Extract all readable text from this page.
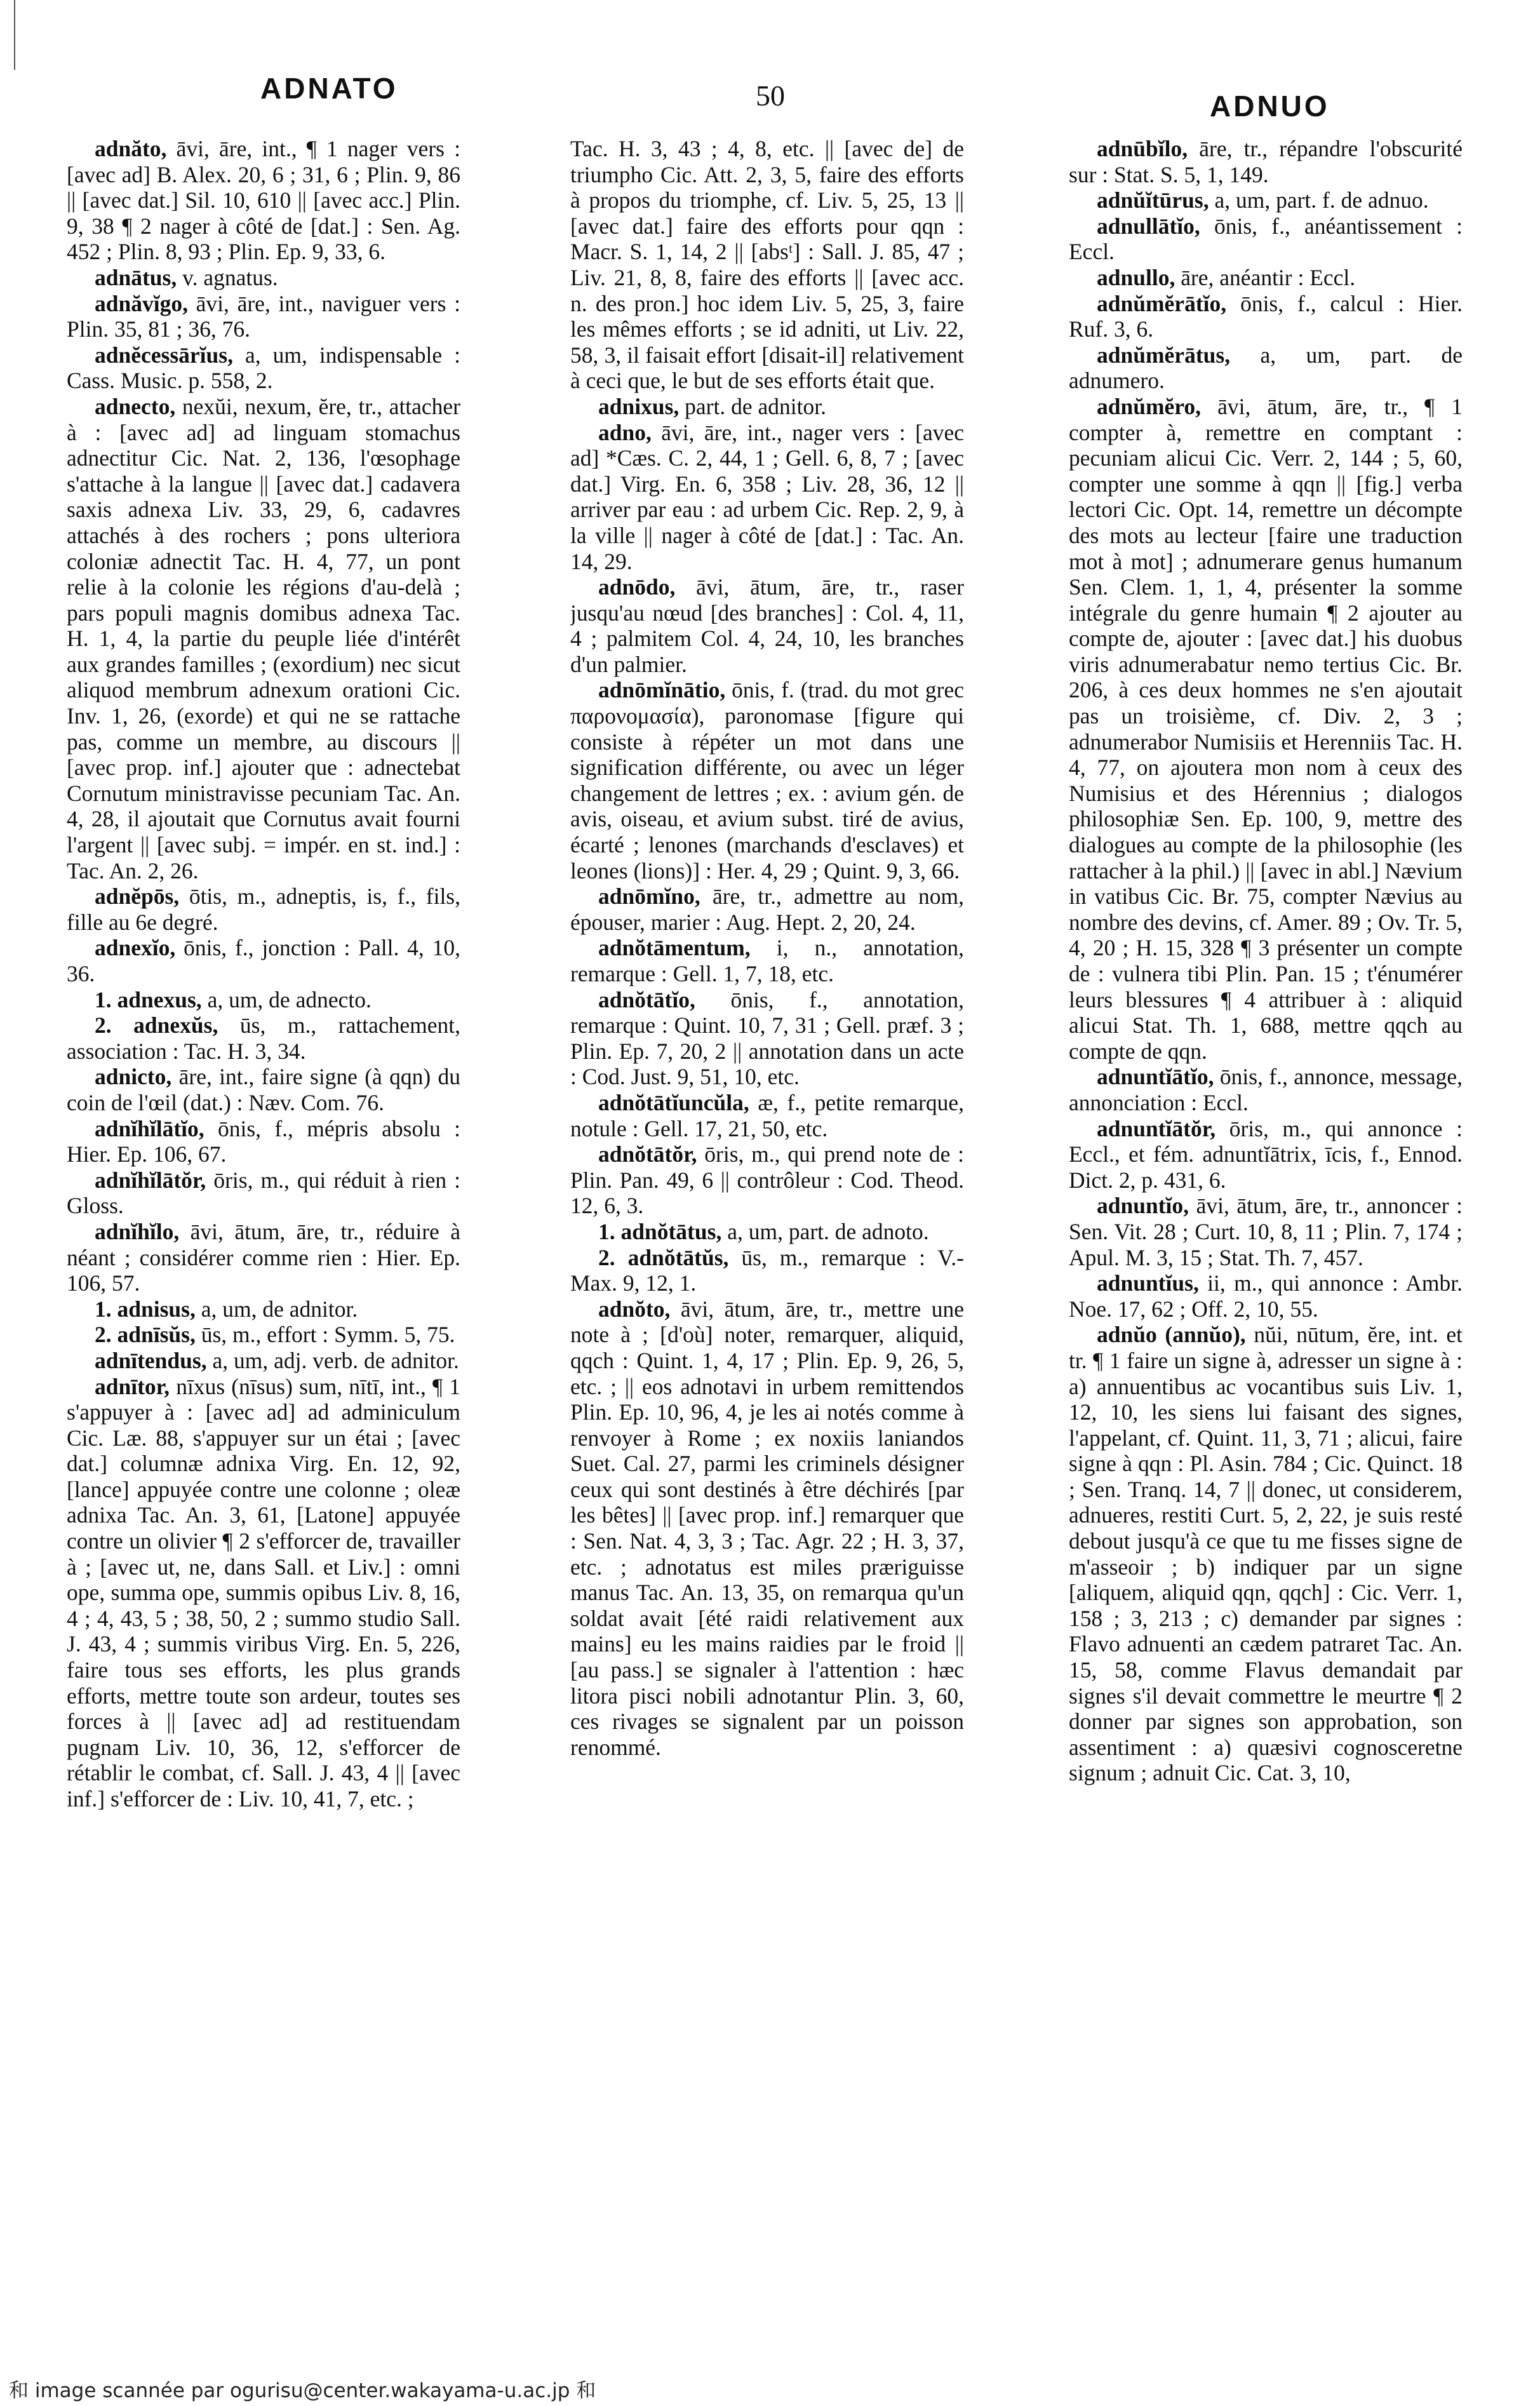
ADNATO	50	ADNUO

adnăto, āvi, āre, int., ¶ 1 nager vers : [avec ad] B. Alex. 20, 6 ; 31, 6 ; Plin. 9, 86 || [avec dat.] Sil. 10, 610 || [avec acc.] Plin. 9, 38 ¶ 2 nager à côté de [dat.] : Sen. Ag. 452 ; Plin. 8, 93 ; Plin. Ep. 9, 33, 6.

adnātus, v. agnatus.

adnăvĭgo, āvi, āre, int., naviguer vers : Plin. 35, 81 ; 36, 76.

adnĕcessārĭus, a, um, indispensable : Cass. Music. p. 558, 2.

adnecto, nexŭi, nexum, ĕre, tr., attacher à : [avec ad] ad linguam stomachus adnectitur Cic. Nat. 2, 136, l'œsophage s'attache à la langue || [avec dat.] cadavera saxis adnexa Liv. 33, 29, 6, cadavres attachés à des rochers ; pons ulteriora coloniæ adnectit Tac. H. 4, 77, un pont relie à la colonie les régions d'au-delà ; pars populi magnis domibus adnexa Tac. H. 1, 4, la partie du peuple liée d'intérêt aux grandes familles ; (exordium) nec sicut aliquod membrum adnexum orationi Cic. Inv. 1, 26, (exorde) et qui ne se rattache pas, comme un membre, au discours || [avec prop. inf.] ajouter que : adnectebat Cornutum ministravisse pecuniam Tac. An. 4, 28, il ajoutait que Cornutus avait fourni l'argent || [avec subj. = impér. en st. ind.] : Tac. An. 2, 26.

adnĕpōs, ōtis, m., adneptis, is, f., fils, fille au 6e degré.

adnexĭo, ōnis, f., jonction : Pall. 4, 10, 36.

1. adnexus, a, um, de adnecto.

2. adnexŭs, ūs, m., rattachement, association : Tac. H. 3, 34.

adnicto, āre, int., faire signe (à qqn) du coin de l'œil (dat.) : Næv. Com. 76.

adnĭhĭlātĭo, ōnis, f., mépris absolu : Hier. Ep. 106, 67.

adnĭhĭlātŏr, ōris, m., qui réduit à rien : Gloss.

adnĭhĭlo, āvi, ātum, āre, tr., réduire à néant ; considérer comme rien : Hier. Ep. 106, 57.

1. adnisus, a, um, de adnitor.

2. adnīsŭs, ūs, m., effort : Symm. 5, 75.

adnītendus, a, um, adj. verb. de adnitor.

adnītor, nīxus (nīsus) sum, nītī, int., ¶ 1 s'appuyer à : [avec ad] ad adminiculum Cic. Læ. 88, s'appuyer sur un étai ; [avec dat.] columnæ adnixa Virg. En. 12, 92, [lance] appuyée contre une colonne ; oleæ adnixa Tac. An. 3, 61, [Latone] appuyée contre un olivier ¶ 2 s'efforcer de, travailler à ; [avec ut, ne, dans Sall. et Liv.] : omni ope, summa ope, summis opibus Liv. 8, 16, 4 ; 4, 43, 5 ; 38, 50, 2 ; summo studio Sall. J. 43, 4 ; summis viribus Virg. En. 5, 226, faire tous ses efforts, les plus grands efforts, mettre toute son ardeur, toutes ses forces à || [avec ad] ad restituendam pugnam Liv. 10, 36, 12, s'efforcer de rétablir le combat, cf. Sall. J. 43, 4 || [avec inf.] s'efforcer de : Liv. 10, 41, 7, etc. ;

Tac. H. 3, 43 ; 4, 8, etc. || [avec de] de triumpho Cic. Att. 2, 3, 5, faire des efforts à propos du triomphe, cf. Liv. 5, 25, 13 || [avec dat.] faire des efforts pour qqn : Macr. S. 1, 14, 2 || [absᵗ] : Sall. J. 85, 47 ; Liv. 21, 8, 8, faire des efforts || [avec acc. n. des pron.] hoc idem Liv. 5, 25, 3, faire les mêmes efforts ; se id adniti, ut Liv. 22, 58, 3, il faisait effort [disait-il] relativement à ceci que, le but de ses efforts était que.

adnixus, part. de adnitor.

adno, āvi, āre, int., nager vers : [avec ad] *Cæs. C. 2, 44, 1 ; Gell. 6, 8, 7 ; [avec dat.] Virg. En. 6, 358 ; Liv. 28, 36, 12 || arriver par eau : ad urbem Cic. Rep. 2, 9, à la ville || nager à côté de [dat.] : Tac. An. 14, 29.

adnōdo, āvi, ātum, āre, tr., raser jusqu'au nœud [des branches] : Col. 4, 11, 4 ; palmitem Col. 4, 24, 10, les branches d'un palmier.

adnōmĭnātio, ōnis, f. (trad. du mot grec παρονομασία), paronomase [figure qui consiste à répéter un mot dans une signification différente, ou avec un léger changement de lettres ; ex. : avium gén. de avis, oiseau, et avium subst. tiré de avius, écarté ; lenones (marchands d'esclaves) et leones (lions)] : Her. 4, 29 ; Quint. 9, 3, 66.

adnōmĭno, āre, tr., admettre au nom, épouser, marier : Aug. Hept. 2, 20, 24.

adnŏtāmentum, i, n., annotation, remarque : Gell. 1, 7, 18, etc.

adnŏtātĭo, ōnis, f., annotation, remarque : Quint. 10, 7, 31 ; Gell. præf. 3 ; Plin. Ep. 7, 20, 2 || annotation dans un acte : Cod. Just. 9, 51, 10, etc.

adnŏtātĭuncŭla, æ, f., petite remarque, notule : Gell. 17, 21, 50, etc.

adnŏtātŏr, ōris, m., qui prend note de : Plin. Pan. 49, 6 || contrôleur : Cod. Theod. 12, 6, 3.

1. adnŏtātus, a, um, part. de adnoto.

2. adnŏtātŭs, ūs, m., remarque : V.-Max. 9, 12, 1.

adnŏto, āvi, ātum, āre, tr., mettre une note à ; [d'où] noter, remarquer, aliquid, qqch : Quint. 1, 4, 17 ; Plin. Ep. 9, 26, 5, etc. ; || eos adnotavi in urbem remittendos Plin. Ep. 10, 96, 4, je les ai notés comme à renvoyer à Rome ; ex noxiis laniandos Suet. Cal. 27, parmi les criminels désigner ceux qui sont destinés à être déchirés [par les bêtes] || [avec prop. inf.] remarquer que : Sen. Nat. 4, 3, 3 ; Tac. Agr. 22 ; H. 3, 37, etc. ; adnotatus est miles præriguisse manus Tac. An. 13, 35, on remarqua qu'un soldat avait [été raidi relativement aux mains] eu les mains raidies par le froid || [au pass.] se signaler à l'attention : hæc litora pisci nobili adnotantur Plin. 3, 60, ces rivages se signalent par un poisson renommé.

adnūbĭlo, āre, tr., répandre l'obscurité sur : Stat. S. 5, 1, 149.

adnŭĭtūrus, a, um, part. f. de adnuo.

adnullātĭo, ōnis, f., anéantissement : Eccl.

adnullo, āre, anéantir : Eccl.

adnŭmĕrātĭo, ōnis, f., calcul : Hier. Ruf. 3, 6.

adnŭmĕrātus, a, um, part. de adnumero.

adnŭmĕro, āvi, ātum, āre, tr., ¶ 1 compter à, remettre en comptant : pecuniam alicui Cic. Verr. 2, 144 ; 5, 60, compter une somme à qqn || [fig.] verba lectori Cic. Opt. 14, remettre un décompte des mots au lecteur [faire une traduction mot à mot] ; adnumerare genus humanum Sen. Clem. 1, 1, 4, présenter la somme intégrale du genre humain ¶ 2 ajouter au compte de, ajouter : [avec dat.] his duobus viris adnumerabatur nemo tertius Cic. Br. 206, à ces deux hommes ne s'en ajoutait pas un troisième, cf. Div. 2, 3 ; adnumerabor Numisiis et Herenniis Tac. H. 4, 77, on ajoutera mon nom à ceux des Numisius et des Hérennius ; dialogos philosophiæ Sen. Ep. 100, 9, mettre des dialogues au compte de la philosophie (les rattacher à la phil.) || [avec in abl.] Nævium in vatibus Cic. Br. 75, compter Nævius au nombre des devins, cf. Amer. 89 ; Ov. Tr. 5, 4, 20 ; H. 15, 328 ¶ 3 présenter un compte de : vulnera tibi Plin. Pan. 15 ; t'énumérer leurs blessures ¶ 4 attribuer à : aliquid alicui Stat. Th. 1, 688, mettre qqch au compte de qqn.

adnuntĭātĭo, ōnis, f., annonce, message, annonciation : Eccl.

adnuntĭātŏr, ōris, m., qui annonce : Eccl., et fém. adnuntĭātrix, īcis, f., Ennod. Dict. 2, p. 431, 6.

adnuntĭo, āvi, ātum, āre, tr., annoncer : Sen. Vit. 28 ; Curt. 10, 8, 11 ; Plin. 7, 174 ; Apul. M. 3, 15 ; Stat. Th. 7, 457.

adnuntĭus, ii, m., qui annonce : Ambr. Noe. 17, 62 ; Off. 2, 10, 55.

adnŭo (annŭo), nŭi, nūtum, ĕre, int. et tr. ¶ 1 faire un signe à, adresser un signe à : a) annuentibus ac vocantibus suis Liv. 1, 12, 10, les siens lui faisant des signes, l'appelant, cf. Quint. 11, 3, 71 ; alicui, faire signe à qqn : Pl. Asin. 784 ; Cic. Quinct. 18 ; Sen. Tranq. 14, 7 || donec, ut considerem, adnueres, restiti Curt. 5, 2, 22, je suis resté debout jusqu'à ce que tu me fisses signe de m'asseoir ; b) indiquer par un signe [aliquem, aliquid qqn, qqch] : Cic. Verr. 1, 158 ; 3, 213 ; c) demander par signes : Flavo adnuenti an cædem patraret Tac. An. 15, 58, comme Flavus demandait par signes s'il devait commettre le meurtre ¶ 2 donner par signes son approbation, son assentiment : a) quæsivi cognosceretne signum ; adnuit Cic. Cat. 3, 10,

和 image scannée par ogurisu@center.wakayama-u.ac.jp 和
